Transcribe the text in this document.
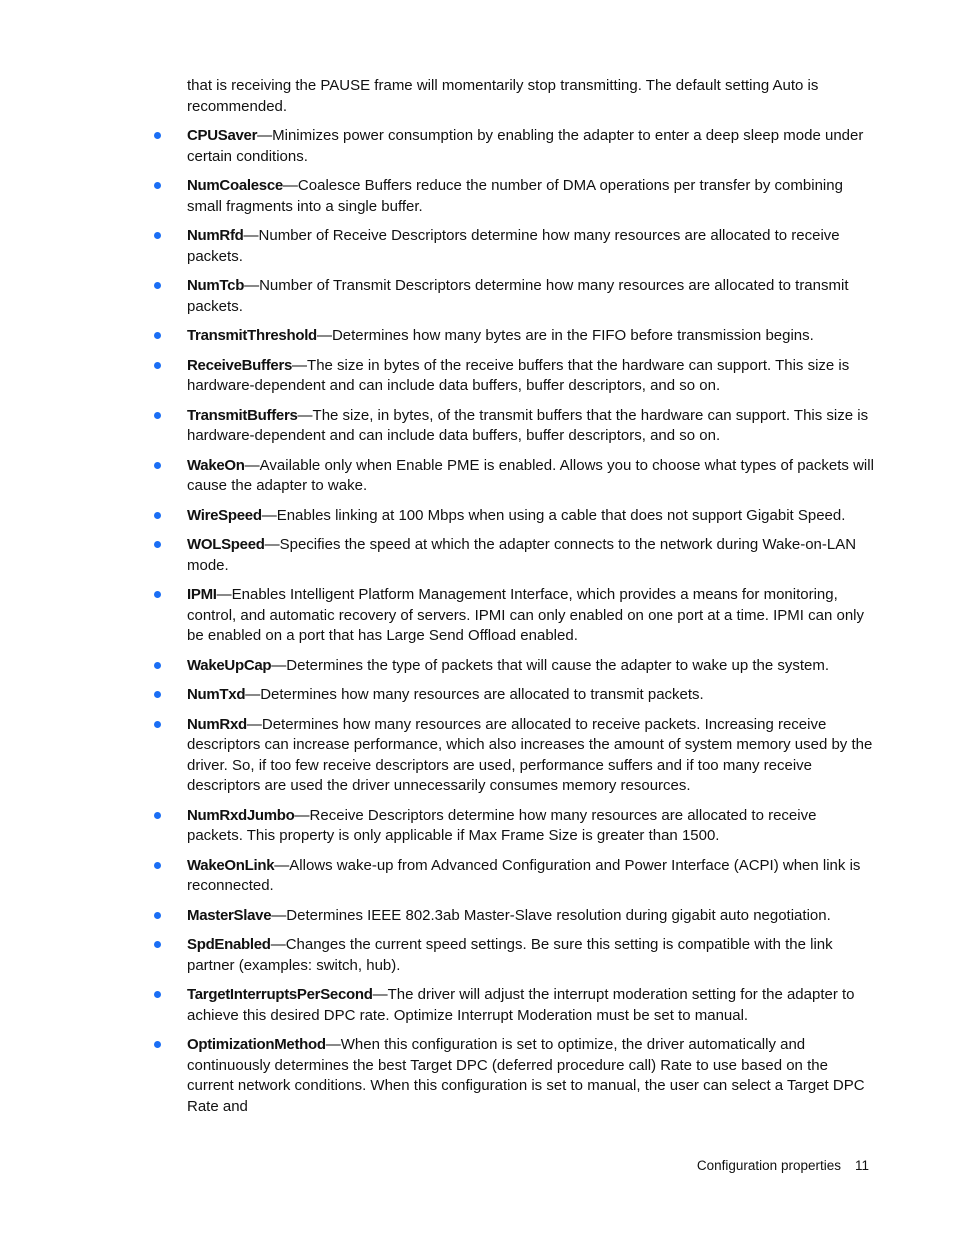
that is receiving the PAUSE frame will momentarily stop transmitting. The default setting Auto is recommended.

CPUSaver—Minimizes power consumption by enabling the adapter to enter a deep sleep mode under certain conditions.
NumCoalesce—Coalesce Buffers reduce the number of DMA operations per transfer by combining small fragments into a single buffer.
NumRfd—Number of Receive Descriptors determine how many resources are allocated to receive packets.
NumTcb—Number of Transmit Descriptors determine how many resources are allocated to transmit packets.
TransmitThreshold—Determines how many bytes are in the FIFO before transmission begins.
ReceiveBuffers—The size in bytes of the receive buffers that the hardware can support. This size is hardware-dependent and can include data buffers, buffer descriptors, and so on.
TransmitBuffers—The size, in bytes, of the transmit buffers that the hardware can support. This size is hardware-dependent and can include data buffers, buffer descriptors, and so on.
WakeOn—Available only when Enable PME is enabled. Allows you to choose what types of packets will cause the adapter to wake.
WireSpeed—Enables linking at 100 Mbps when using a cable that does not support Gigabit Speed.
WOLSpeed—Specifies the speed at which the adapter connects to the network during Wake-on-LAN mode.
IPMI—Enables Intelligent Platform Management Interface, which provides a means for monitoring, control, and automatic recovery of servers. IPMI can only enabled on one port at a time. IPMI can only be enabled on a port that has Large Send Offload enabled.
WakeUpCap—Determines the type of packets that will cause the adapter to wake up the system.
NumTxd—Determines how many resources are allocated to transmit packets.
NumRxd—Determines how many resources are allocated to receive packets. Increasing receive descriptors can increase performance, which also increases the amount of system memory used by the driver. So, if too few receive descriptors are used, performance suffers and if too many receive descriptors are used the driver unnecessarily consumes memory resources.
NumRxdJumbo—Receive Descriptors determine how many resources are allocated to receive packets. This property is only applicable if Max Frame Size is greater than 1500.
WakeOnLink—Allows wake-up from Advanced Configuration and Power Interface (ACPI) when link is reconnected.
MasterSlave—Determines IEEE 802.3ab Master-Slave resolution during gigabit auto negotiation.
SpdEnabled—Changes the current speed settings. Be sure this setting is compatible with the link partner (examples: switch, hub).
TargetInterruptsPerSecond—The driver will adjust the interrupt moderation setting for the adapter to achieve this desired DPC rate. Optimize Interrupt Moderation must be set to manual.
OptimizationMethod—When this configuration is set to optimize, the driver automatically and continuously determines the best Target DPC (deferred procedure call) Rate to use based on the current network conditions. When this configuration is set to manual, the user can select a Target DPC Rate and
Configuration properties 11
